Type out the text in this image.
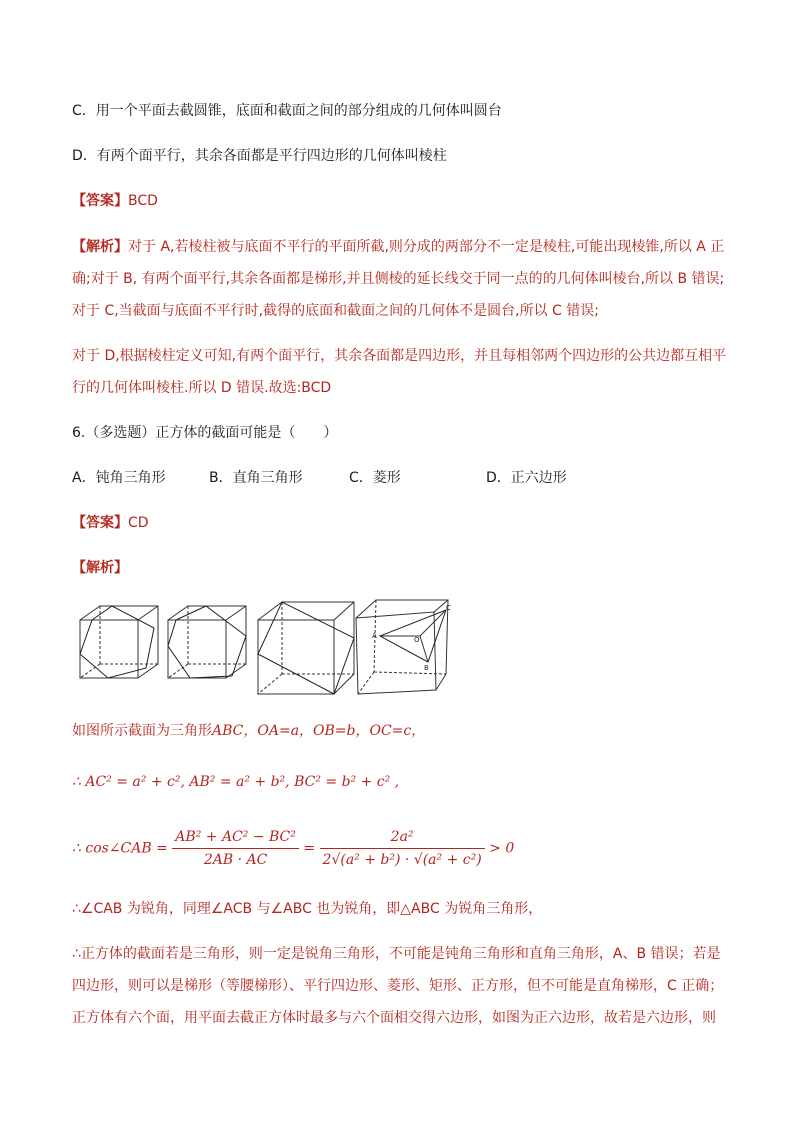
C．用一个平面去截圆锥，底面和截面之间的部分组成的几何体叫圆台
D．有两个面平行，其余各面都是平行四边形的几何体叫棱柱
【答案】BCD
【解析】对于 A,若棱柱被与底面不平行的平面所截,则分成的两部分不一定是棱柱,可能出现棱锥,所以 A 正
确;对于 B, 有两个面平行,其余各面都是梯形,并且侧棱的延长线交于同一点的的几何体叫棱台,所以 B 错误;
对于 C,当截面与底面不平行时,截得的底面和截面之间的几何体不是圆台,所以 C 错误;
对于 D,根据棱柱定义可知,有两个面平行，其余各面都是四边形，并且每相邻两个四边形的公共边都互相平
行的几何体叫棱柱.所以 D 错误.故选:BCD
6.（多选题）正方体的截面可能是（　　）
A．钝角三角形	B．直角三角形	C．菱形	D．正六边形
【答案】CD
【解析】
A
B
C
O
如图所示截面为三角形ABC，OA=a，OB=b，OC=c，
∴ AC² = a² + c², AB² = a² + b², BC² = b² + c² ,
∴ cos∠CAB = $\frac{\text{AB² + AC² − BC²}}{2AB \cdot AC} = \frac{\text{2a²}}{\text{2√(a² + b²) · √(a² + c²)}} > 0$
∴∠CAB 为锐角，同理∠ACB 与∠ABC 也为锐角，即△ABC 为锐角三角形，
∴正方体的截面若是三角形，则一定是锐角三角形，不可能是钝角三角形和直角三角形，A、B 错误；若是
四边形，则可以是梯形（等腰梯形）、平行四边形、菱形、矩形、正方形，但不可能是直角梯形，C 正确；
正方体有六个面，用平面去截正方体时最多与六个面相交得六边形，如图为正六边形，故若是六边形，则
